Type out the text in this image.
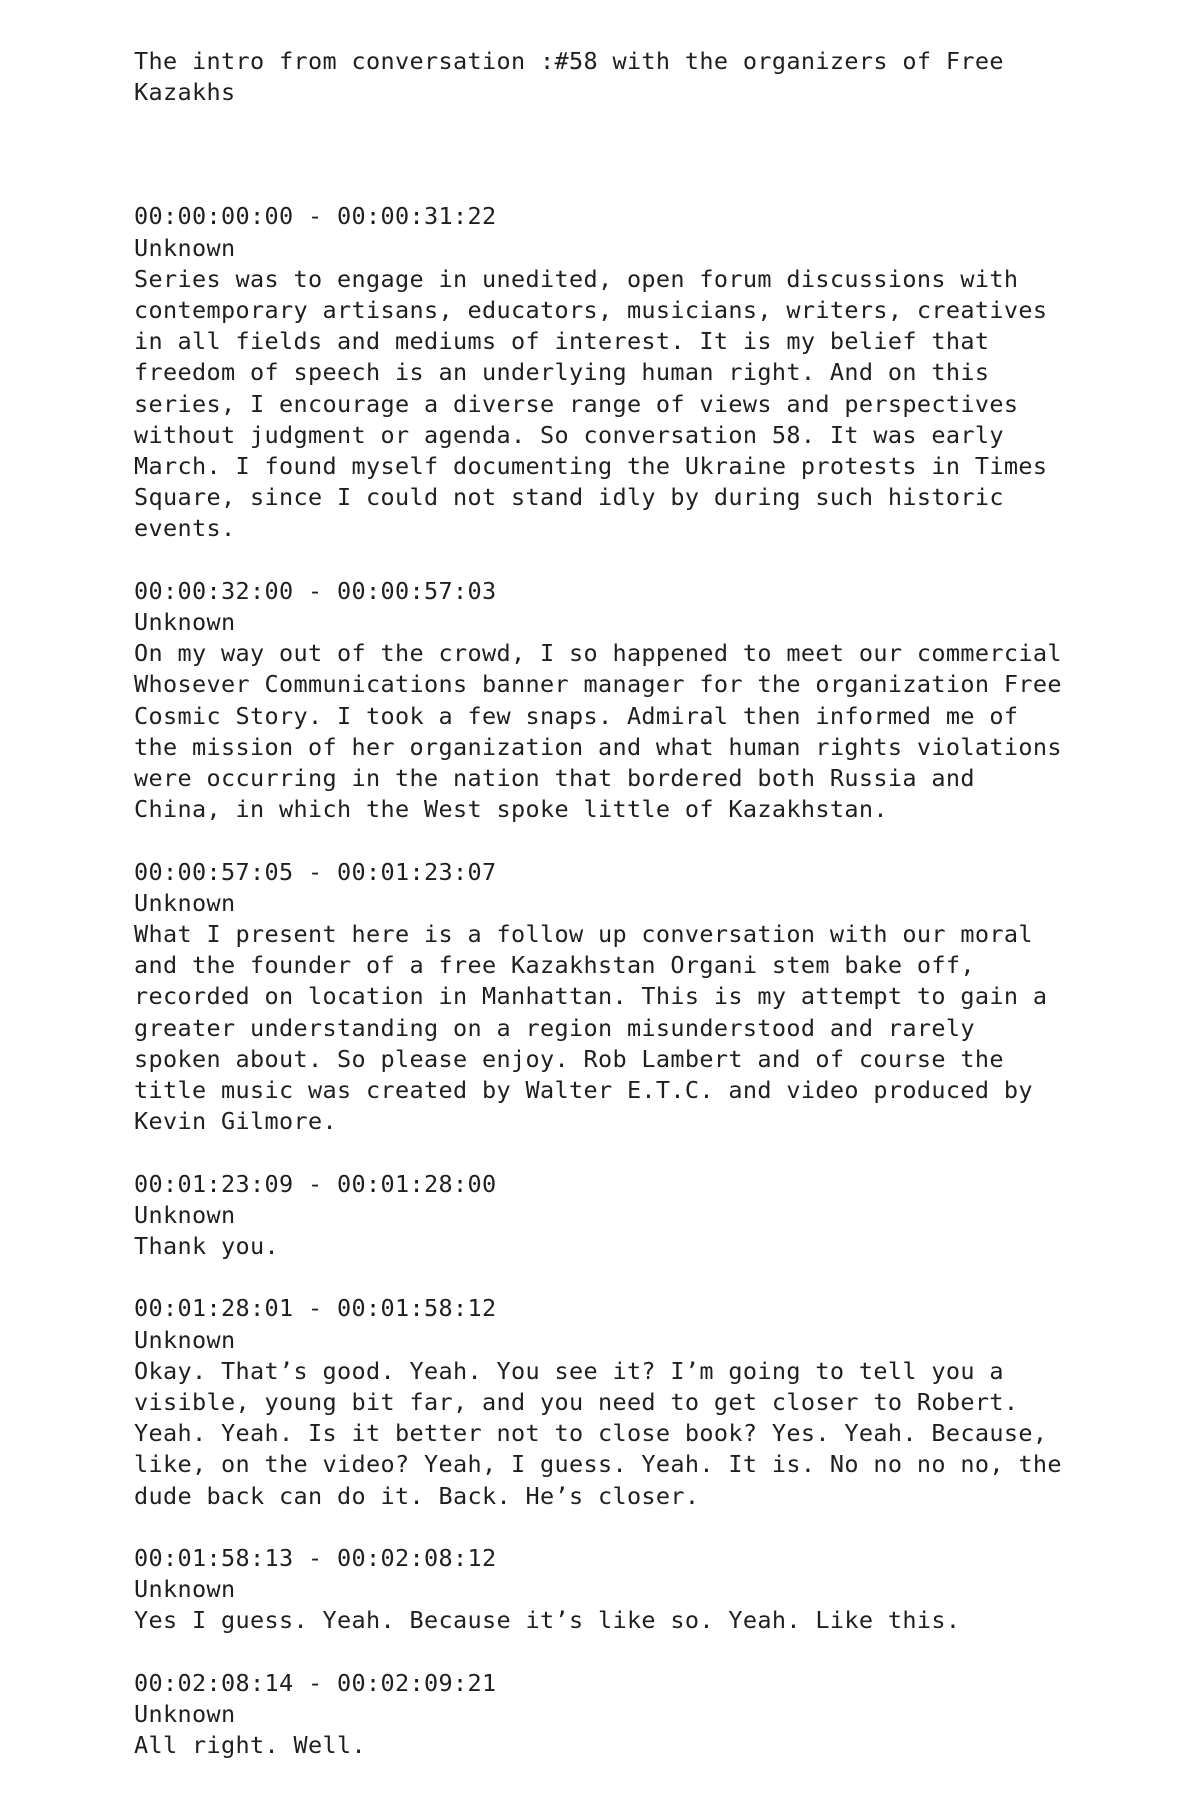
The intro from conversation :#58 with the organizers of Free Kazakhs
00:00:00:00 - 00:00:31:22
Unknown
Series was to engage in unedited, open forum discussions with contemporary artisans, educators, musicians, writers, creatives in all fields and mediums of interest. It is my belief that freedom of speech is an underlying human right. And on this series, I encourage a diverse range of views and perspectives without judgment or agenda. So conversation 58. It was early March. I found myself documenting the Ukraine protests in Times Square, since I could not stand idly by during such historic events.
00:00:32:00 - 00:00:57:03
Unknown
On my way out of the crowd, I so happened to meet our commercial Whosever Communications banner manager for the organization Free Cosmic Story. I took a few snaps. Admiral then informed me of the mission of her organization and what human rights violations were occurring in the nation that bordered both Russia and China, in which the West spoke little of Kazakhstan.
00:00:57:05 - 00:01:23:07
Unknown
What I present here is a follow up conversation with our moral and the founder of a free Kazakhstan Organi stem bake off, recorded on location in Manhattan. This is my attempt to gain a greater understanding on a region misunderstood and rarely spoken about. So please enjoy. Rob Lambert and of course the title music was created by Walter E.T.C. and video produced by Kevin Gilmore.
00:01:23:09 - 00:01:28:00
Unknown
Thank you.
00:01:28:01 - 00:01:58:12
Unknown
Okay. That’s good. Yeah. You see it? I’m going to tell you a visible, young bit far, and you need to get closer to Robert. Yeah. Yeah. Is it better not to close book? Yes. Yeah. Because, like, on the video? Yeah, I guess. Yeah. It is. No no no no, the dude back can do it. Back. He’s closer.
00:01:58:13 - 00:02:08:12
Unknown
Yes I guess. Yeah. Because it’s like so. Yeah. Like this.
00:02:08:14 - 00:02:09:21
Unknown
All right. Well.
